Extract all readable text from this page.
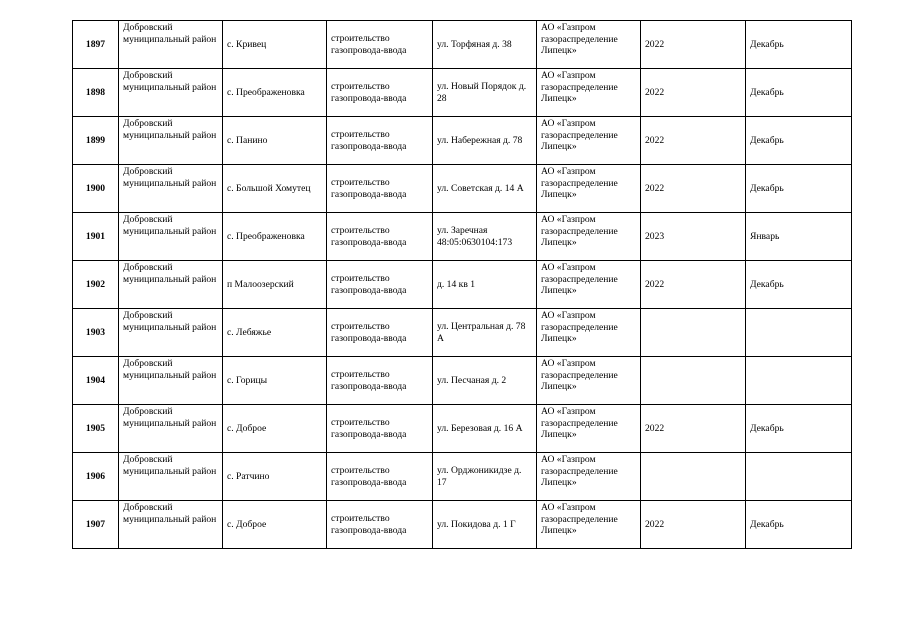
1897	Добровский муниципальный район	с. Кривец	строительство газопровода-ввода	ул. Торфяная д. 38	АО «Газпром газораспределение Липецк»	2022	Декабрь
1898	Добровский муниципальный район	с. Преображеновка	строительство газопровода-ввода	ул. Новый Порядок д. 28	АО «Газпром газораспределение Липецк»	2022	Декабрь
1899	Добровский муниципальный район	с. Панино	строительство газопровода-ввода	ул. Набережная д. 78	АО «Газпром газораспределение Липецк»	2022	Декабрь
1900	Добровский муниципальный район	с. Большой Хомутец	строительство газопровода-ввода	ул. Советская д. 14 А	АО «Газпром газораспределение Липецк»	2022	Декабрь
1901	Добровский муниципальный район	с. Преображеновка	строительство газопровода-ввода	ул. Заречная 48:05:0630104:173	АО «Газпром газораспределение Липецк»	2023	Январь
1902	Добровский муниципальный район	п Малоозерский	строительство газопровода-ввода	д. 14 кв 1	АО «Газпром газораспределение Липецк»	2022	Декабрь
1903	Добровский муниципальный район	с. Лебяжье	строительство газопровода-ввода	ул. Центральная д. 78 А	АО «Газпром газораспределение Липецк»		
1904	Добровский муниципальный район	с. Горицы	строительство газопровода-ввода	ул. Песчаная д. 2	АО «Газпром газораспределение Липецк»		
1905	Добровский муниципальный район	с. Доброе	строительство газопровода-ввода	ул. Березовая д. 16 А	АО «Газпром газораспределение Липецк»	2022	Декабрь
1906	Добровский муниципальный район	с. Ратчино	строительство газопровода-ввода	ул. Орджоникидзе д. 17	АО «Газпром газораспределение Липецк»		
1907	Добровский муниципальный район	с. Доброе	строительство газопровода-ввода	ул. Покидова д. 1 Г	АО «Газпром газораспределение Липецк»	2022	Декабрь
